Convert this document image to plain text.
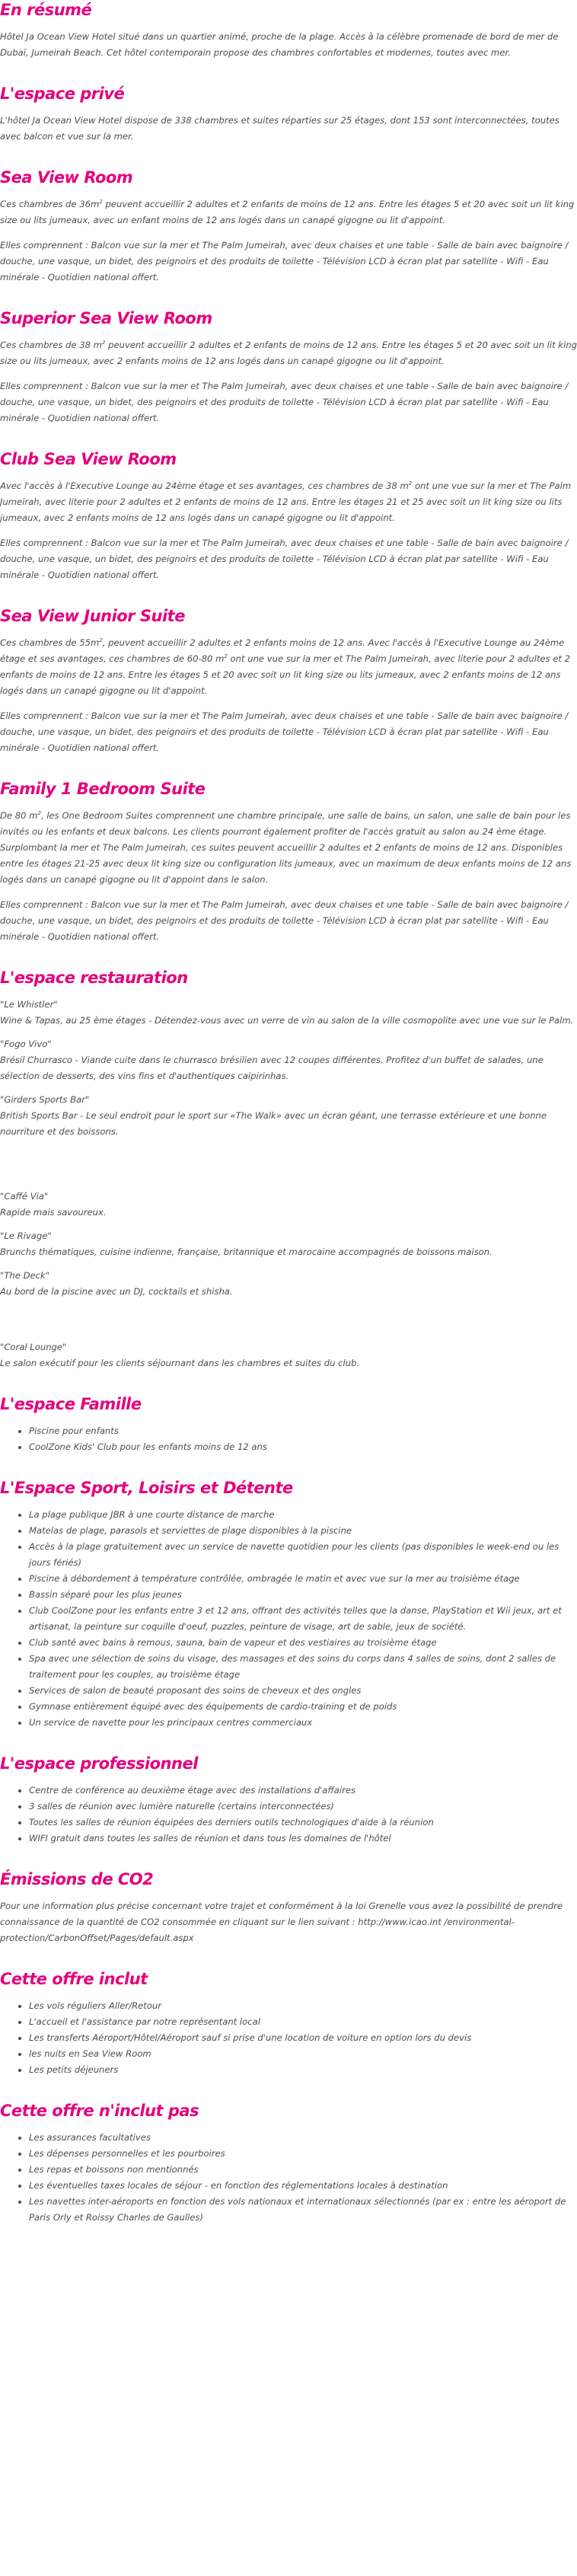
En résumé

Hôtel Ja Ocean View Hotel situé dans un quartier animé, proche de la plage. Accès à la célèbre promenade de bord de mer de Dubaï, Jumeirah Beach. Cet hôtel contemporain propose des chambres confortables et modernes, toutes avec mer.

L'espace privé

L'hôtel Ja Ocean View Hotel dispose de 338 chambres et suites réparties sur 25 étages, dont 153 sont interconnectées, toutes avec balcon et vue sur la mer.

Sea View Room

Ces chambres de $36m^2$ peuvent accueillir 2 adultes et 2 enfants de moins de 12 ans. Entre les étages 5 et 20 avec soit un lit king size ou lits jumeaux, avec un enfant moins de 12 ans logés dans un canapé gigogne ou lit d'appoint.

Elles comprennent : Balcon vue sur la mer et The Palm Jumeirah, avec deux chaises et une table - Salle de bain avec baignoire / douche, une vasque, un bidet, des peignoirs et des produits de toilette - Télévision LCD à écran plat par satellite - Wifi - Eau minérale - Quotidien national offert.

Superior Sea View Room

Ces chambres de 38 $m^2$ peuvent accueillir 2 adultes et 2 enfants de moins de 12 ans. Entre les étages 5 et 20 avec soit un lit king size ou lits jumeaux, avec 2 enfants moins de 12 ans logés dans un canapé gigogne ou lit d'appoint.

Elles comprennent : Balcon vue sur la mer et The Palm Jumeirah, avec deux chaises et une table - Salle de bain avec baignoire / douche, une vasque, un bidet, des peignoirs et des produits de toilette - Télévision LCD à écran plat par satellite - Wifi - Eau minérale - Quotidien national offert.

Club Sea View Room

Avec l'accès à l'Executive Lounge au 24ème étage et ses avantages, ces chambres de 38 $m^2$ ont une vue sur la mer et The Palm Jumeirah, avec literie pour 2 adultes et 2 enfants de moins de 12 ans. Entre les étages 21 et 25 avec soit un lit king size ou lits jumeaux, avec 2 enfants moins de 12 ans logés dans un canapé gigogne ou lit d'appoint.

Elles comprennent : Balcon vue sur la mer et The Palm Jumeirah, avec deux chaises et une table - Salle de bain avec baignoire / douche, une vasque, un bidet, des peignoirs et des produits de toilette - Télévision LCD à écran plat par satellite - Wifi - Eau minérale - Quotidien national offert.

Sea View Junior Suite

Ces chambres de $55m^2$, peuvent accueillir 2 adultes et 2 enfants moins de 12 ans. Avec l'accès à l'Executive Lounge au 24ème étage et ses avantages, ces chambres de 60-80 $m^2$ ont une vue sur la mer et The Palm Jumeirah, avec literie pour 2 adultes et 2 enfants de moins de 12 ans. Entre les étages 5 et 20 avec soit un lit king size ou lits jumeaux, avec 2 enfants moins de 12 ans logés dans un canapé gigogne ou lit d'appoint.

Elles comprennent : Balcon vue sur la mer et The Palm Jumeirah, avec deux chaises et une table - Salle de bain avec baignoire / douche, une vasque, un bidet, des peignoirs et des produits de toilette - Télévision LCD à écran plat par satellite - Wifi - Eau minérale - Quotidien national offert.

Family 1 Bedroom Suite

De 80 $m^2$, les One Bedroom Suites comprennent une chambre principale, une salle de bains, un salon, une salle de bain pour les invités ou les enfants et deux balcons. Les clients pourront également profiter de l'accès gratuit au salon au 24 ème étage. Surplombant la mer et The Palm Jumeirah, ces suites peuvent accueillir 2 adultes et 2 enfants de moins de 12 ans. Disponibles entre les étages 21-25 avec deux lit king size ou configuration lits jumeaux, avec un maximum de deux enfants moins de 12 ans logés dans un canapé gigogne ou lit d'appoint dans le salon.

Elles comprennent : Balcon vue sur la mer et The Palm Jumeirah, avec deux chaises et une table - Salle de bain avec baignoire / douche, une vasque, un bidet, des peignoirs et des produits de toilette - Télévision LCD à écran plat par satellite - Wifi - Eau minérale - Quotidien national offert.

L'espace restauration

"Le Whistler"
Wine & Tapas, au 25 ème étages - Détendez-vous avec un verre de vin au salon de la ville cosmopolite avec une vue sur le Palm.

"Fogo Vivo"
Brésil Churrasco - Viande cuite dans le churrasco brésilien avec 12 coupes différentes. Profitez d'un buffet de salades, une sélection de desserts, des vins fins et d'authentiques caipirinhas.

"Girders Sports Bar"
British Sports Bar - Le seul endroit pour le sport sur «The Walk» avec un écran géant, une terrasse extérieure et une bonne nourriture et des boissons.

"Caffé Via"
Rapide mais savoureux.

"Le Rivage"
Brunchs thématiques, cuisine indienne, française, britannique et marocaine accompagnés de boissons maison.

"The Deck"
Au bord de la piscine avec un DJ, cocktails et shisha.

"Coral Lounge"
Le salon exécutif pour les clients séjournant dans les chambres et suites du club.

L'espace Famille
• Piscine pour enfants
• CoolZone Kids' Club pour les enfants moins de 12 ans
L'Espace Sport, Loisirs et Détente
• La plage publique JBR à une courte distance de marche
• Matelas de plage, parasols et serviettes de plage disponibles à la piscine
• Accès à la plage gratuitement avec un service de navette quotidien pour les clients (pas disponibles le week-end ou les jours fériés)
• Piscine à débordement à température contrôlée, ombragée le matin et avec vue sur la mer au troisième étage
• Bassin séparé pour les plus jeunes
• Club CoolZone pour les enfants entre 3 et 12 ans, offrant des activités telles que la danse, PlayStation et Wii jeux, art et artisanat, la peinture sur coquille d'oeuf, puzzles, peinture de visage, art de sable, jeux de société.
• Club santé avec bains à remous, sauna, bain de vapeur et des vestiaires au troisième étage
• Spa avec une sélection de soins du visage, des massages et des soins du corps dans 4 salles de soins, dont 2 salles de traitement pour les couples, au troisième étage
• Services de salon de beauté proposant des soins de cheveux et des ongles
• Gymnase entièrement équipé avec des équipements de cardio-training et de poids
• Un service de navette pour les principaux centres commerciaux
L'espace professionnel
• Centre de conférence au deuxième étage avec des installations d'affaires
• 3 salles de réunion avec lumière naturelle (certains interconnectées)
• Toutes les salles de réunion équipées des derniers outils technologiques d'aide à la réunion
• WIFI gratuit dans toutes les salles de réunion et dans tous les domaines de l'hôtel
Émissions de CO2

Pour une information plus précise concernant votre trajet et conformément à la loi Grenelle vous avez la possibilité de prendre connaissance de la quantité de CO2 consommée en cliquant sur le lien suivant : http://www.icao.int /environmental-protection/CarbonOffset/Pages/default.aspx

Cette offre inclut
• Les vols réguliers Aller/Retour
• L'accueil et l'assistance par notre représentant local
• Les transferts Aéroport/Hôtel/Aéroport sauf si prise d'une location de voiture en option lors du devis
• les nuits en Sea View Room
• Les petits déjeuners
Cette offre n'inclut pas
• Les assurances facultatives
• Les dépenses personnelles et les pourboires
• Les repas et boissons non mentionnés
• Les éventuelles taxes locales de séjour - en fonction des réglementations locales à destination
• Les navettes inter-aéroports en fonction des vols nationaux et internationaux sélectionnés (par ex : entre les aéroport de Paris Orly et Roissy Charles de Gaulles)
